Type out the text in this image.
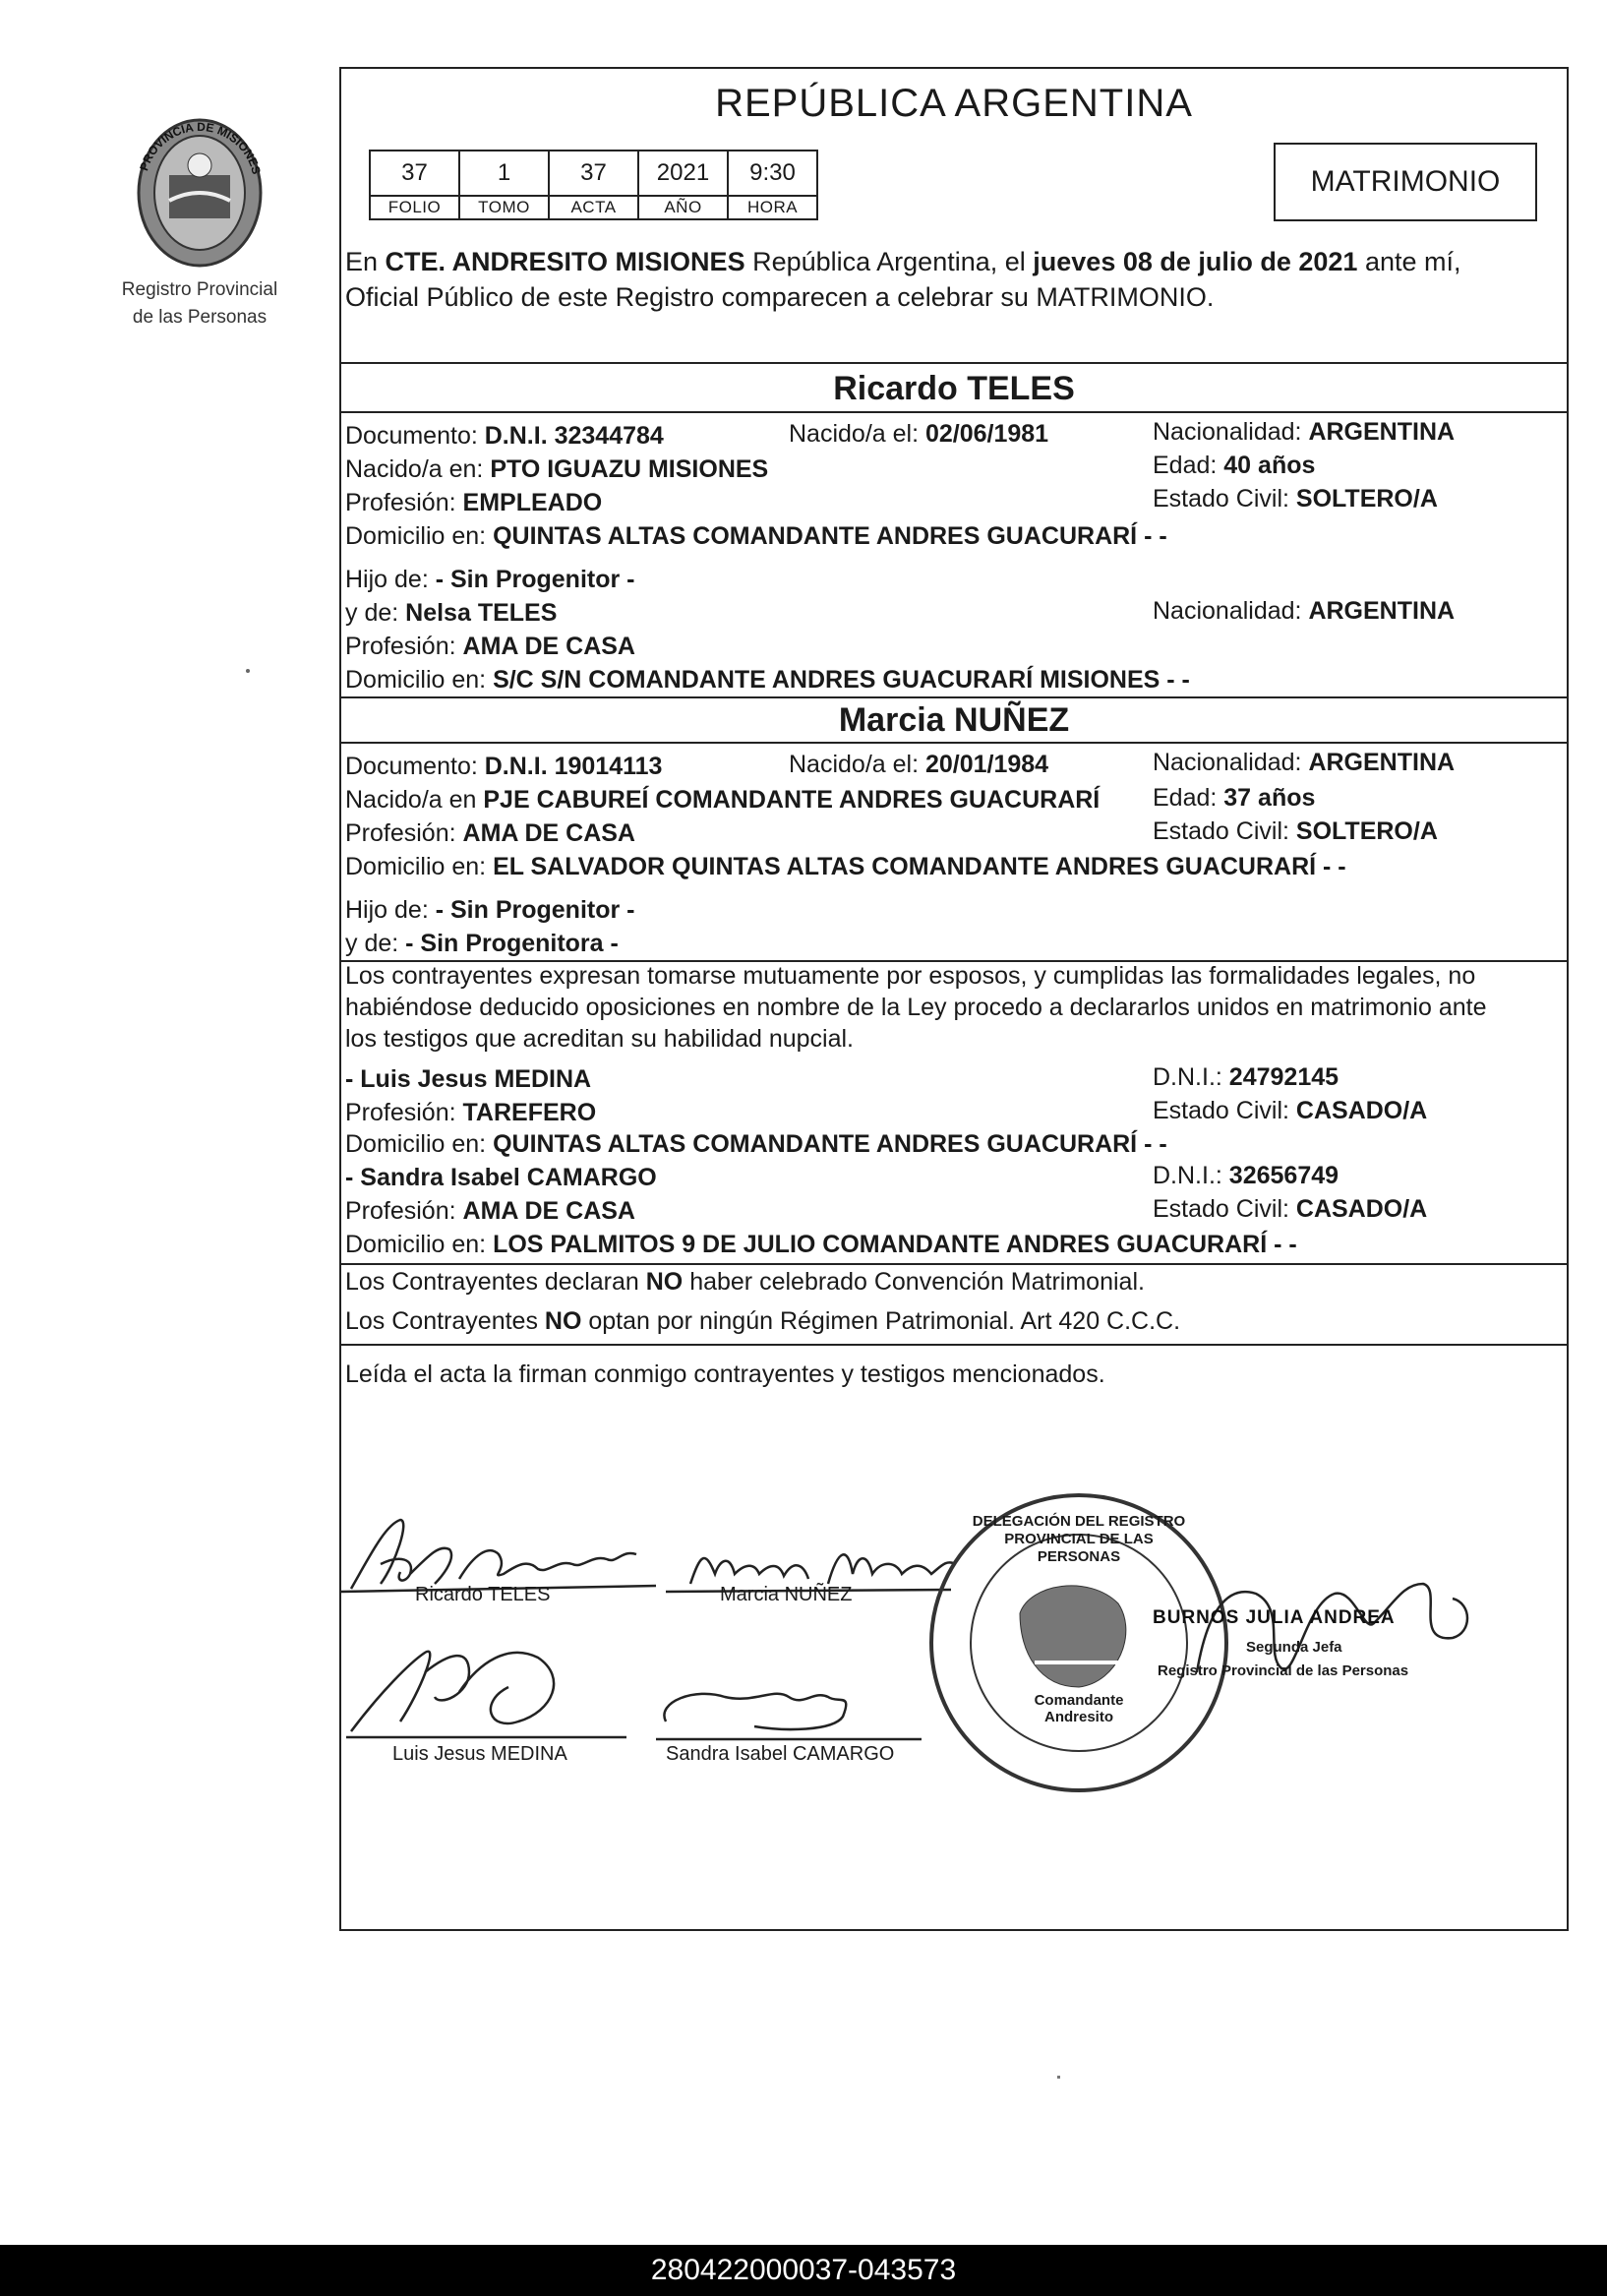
PROVINCIA DE MISIONES
Registro Provincial
de las Personas
REPÚBLICA ARGENTINA
37	1	37	2021	9:30
FOLIO	TOMO	ACTA	AÑO	HORA
MATRIMONIO
En CTE. ANDRESITO MISIONES República Argentina, el jueves 08 de julio de 2021 ante mí,
Oficial Público de este Registro comparecen a celebrar su MATRIMONIO.
Ricardo TELES
Documento: D.N.I. 32344784	Nacido/a el: 02/06/1981	Nacionalidad: ARGENTINA
Nacido/a en: PTO IGUAZU MISIONES	Edad: 40 años
Profesión: EMPLEADO	Estado Civil: SOLTERO/A
Domicilio en: QUINTAS ALTAS COMANDANTE ANDRES GUACURARÍ - -
Hijo de: - Sin Progenitor -
y de: Nelsa TELES	Nacionalidad: ARGENTINA
Profesión: AMA DE CASA
Domicilio en: S/C S/N COMANDANTE ANDRES GUACURARÍ MISIONES - -
Marcia NUÑEZ
Documento: D.N.I. 19014113	Nacido/a el: 20/01/1984	Nacionalidad: ARGENTINA
Nacido/a en PJE CABUREÍ COMANDANTE ANDRES GUACURARÍ Edad: 37 años
Profesión: AMA DE CASA	Estado Civil: SOLTERO/A
Domicilio en: EL SALVADOR QUINTAS ALTAS COMANDANTE ANDRES GUACURARÍ - -
Hijo de: - Sin Progenitor -
y de: - Sin Progenitora -
Los contrayentes expresan tomarse mutuamente por esposos, y cumplidas las formalidades legales, no
habiéndose deducido oposiciones en nombre de la Ley procedo a declararlos unidos en matrimonio ante
los testigos que acreditan su habilidad nupcial.
- Luis Jesus MEDINA	D.N.I.: 24792145
Profesión: TAREFERO	Estado Civil: CASADO/A
Domicilio en: QUINTAS ALTAS COMANDANTE ANDRES GUACURARÍ - -
- Sandra Isabel CAMARGO	D.N.I.: 32656749
Profesión: AMA DE CASA	Estado Civil: CASADO/A
Domicilio en: LOS PALMITOS 9 DE JULIO COMANDANTE ANDRES GUACURARÍ - -
Los Contrayentes declaran NO haber celebrado Convención Matrimonial.
Los Contrayentes NO optan por ningún Régimen Patrimonial. Art 420 C.C.C.
Leída el acta la firman conmigo contrayentes y testigos mencionados.
Ricardo TELES	Marcia NUÑEZ
Luis Jesus MEDINA	Sandra Isabel CAMARGO
DELEGACIÓN DEL REGISTRO PROVINCIAL DE LAS PERSONAS
Comandante Andresito
BURNOS JULIA ANDREA
Segunda Jefa
Registro Provincial de las Personas
280422000037-043573
